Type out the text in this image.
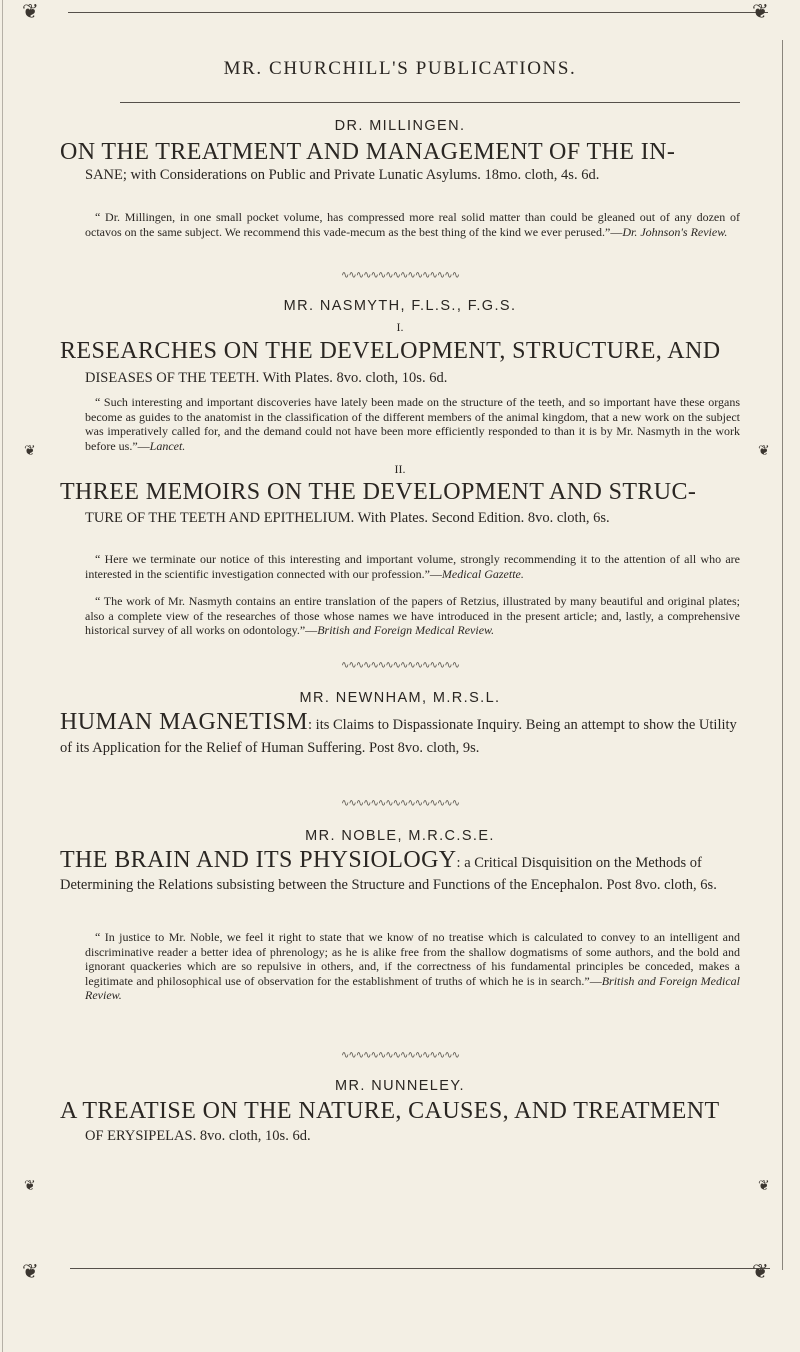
❦	❦
❦	❦
❦	❦
❦	❦
MR. CHURCHILL'S PUBLICATIONS.
DR. MILLINGEN.
ON THE TREATMENT AND MANAGEMENT OF THE IN-
SANE; with Considerations on Public and Private Lunatic Asylums. 18mo. cloth, 4s. 6d.
“ Dr. Millingen, in one small pocket volume, has compressed more real solid matter than could be gleaned out of any dozen of octavos on the same subject. We recommend this vade-mecum as the best thing of the kind we ever perused.”—Dr. Johnson's Review.
∿∿∿∿∿∿∿∿∿∿∿∿∿∿∿∿
MR. NASMYTH, F.L.S., F.G.S.
I.
RESEARCHES ON THE DEVELOPMENT, STRUCTURE, AND
DISEASES OF THE TEETH. With Plates. 8vo. cloth, 10s. 6d.
“ Such interesting and important discoveries have lately been made on the structure of the teeth, and so important have these organs become as guides to the anatomist in the classification of the different members of the animal kingdom, that a new work on the subject was imperatively called for, and the demand could not have been more efficiently responded to than it is by Mr. Nasmyth in the work before us.”—Lancet.
II.
THREE MEMOIRS ON THE DEVELOPMENT AND STRUC-
TURE OF THE TEETH AND EPITHELIUM. With Plates. Second Edition. 8vo. cloth, 6s.
“ Here we terminate our notice of this interesting and important volume, strongly recommending it to the attention of all who are interested in the scientific investigation connected with our profession.”—Medical Gazette.
“ The work of Mr. Nasmyth contains an entire translation of the papers of Retzius, illustrated by many beautiful and original plates; also a complete view of the researches of those whose names we have introduced in the present article; and, lastly, a comprehensive historical survey of all works on odontology.”—British and Foreign Medical Review.
∿∿∿∿∿∿∿∿∿∿∿∿∿∿∿∿
MR. NEWNHAM, M.R.S.L.
HUMAN MAGNETISM: its Claims to Dispassionate Inquiry. Being an attempt to show the Utility of its Application for the Relief of Human Suffering. Post 8vo. cloth, 9s.
∿∿∿∿∿∿∿∿∿∿∿∿∿∿∿∿
MR. NOBLE, M.R.C.S.E.
THE BRAIN AND ITS PHYSIOLOGY: a Critical Disquisition on the Methods of Determining the Relations subsisting between the Structure and Functions of the Encephalon. Post 8vo. cloth, 6s.
“ In justice to Mr. Noble, we feel it right to state that we know of no treatise which is calculated to convey to an intelligent and discriminative reader a better idea of phrenology; as he is alike free from the shallow dogmatisms of some authors, and the bold and ignorant quackeries which are so repulsive in others, and, if the correctness of his fundamental principles be conceded, makes a legitimate and philosophical use of observation for the establishment of truths of which he is in search.”—British and Foreign Medical Review.
∿∿∿∿∿∿∿∿∿∿∿∿∿∿∿∿
MR. NUNNELEY.
A TREATISE ON THE NATURE, CAUSES, AND TREATMENT
OF ERYSIPELAS. 8vo. cloth, 10s. 6d.
